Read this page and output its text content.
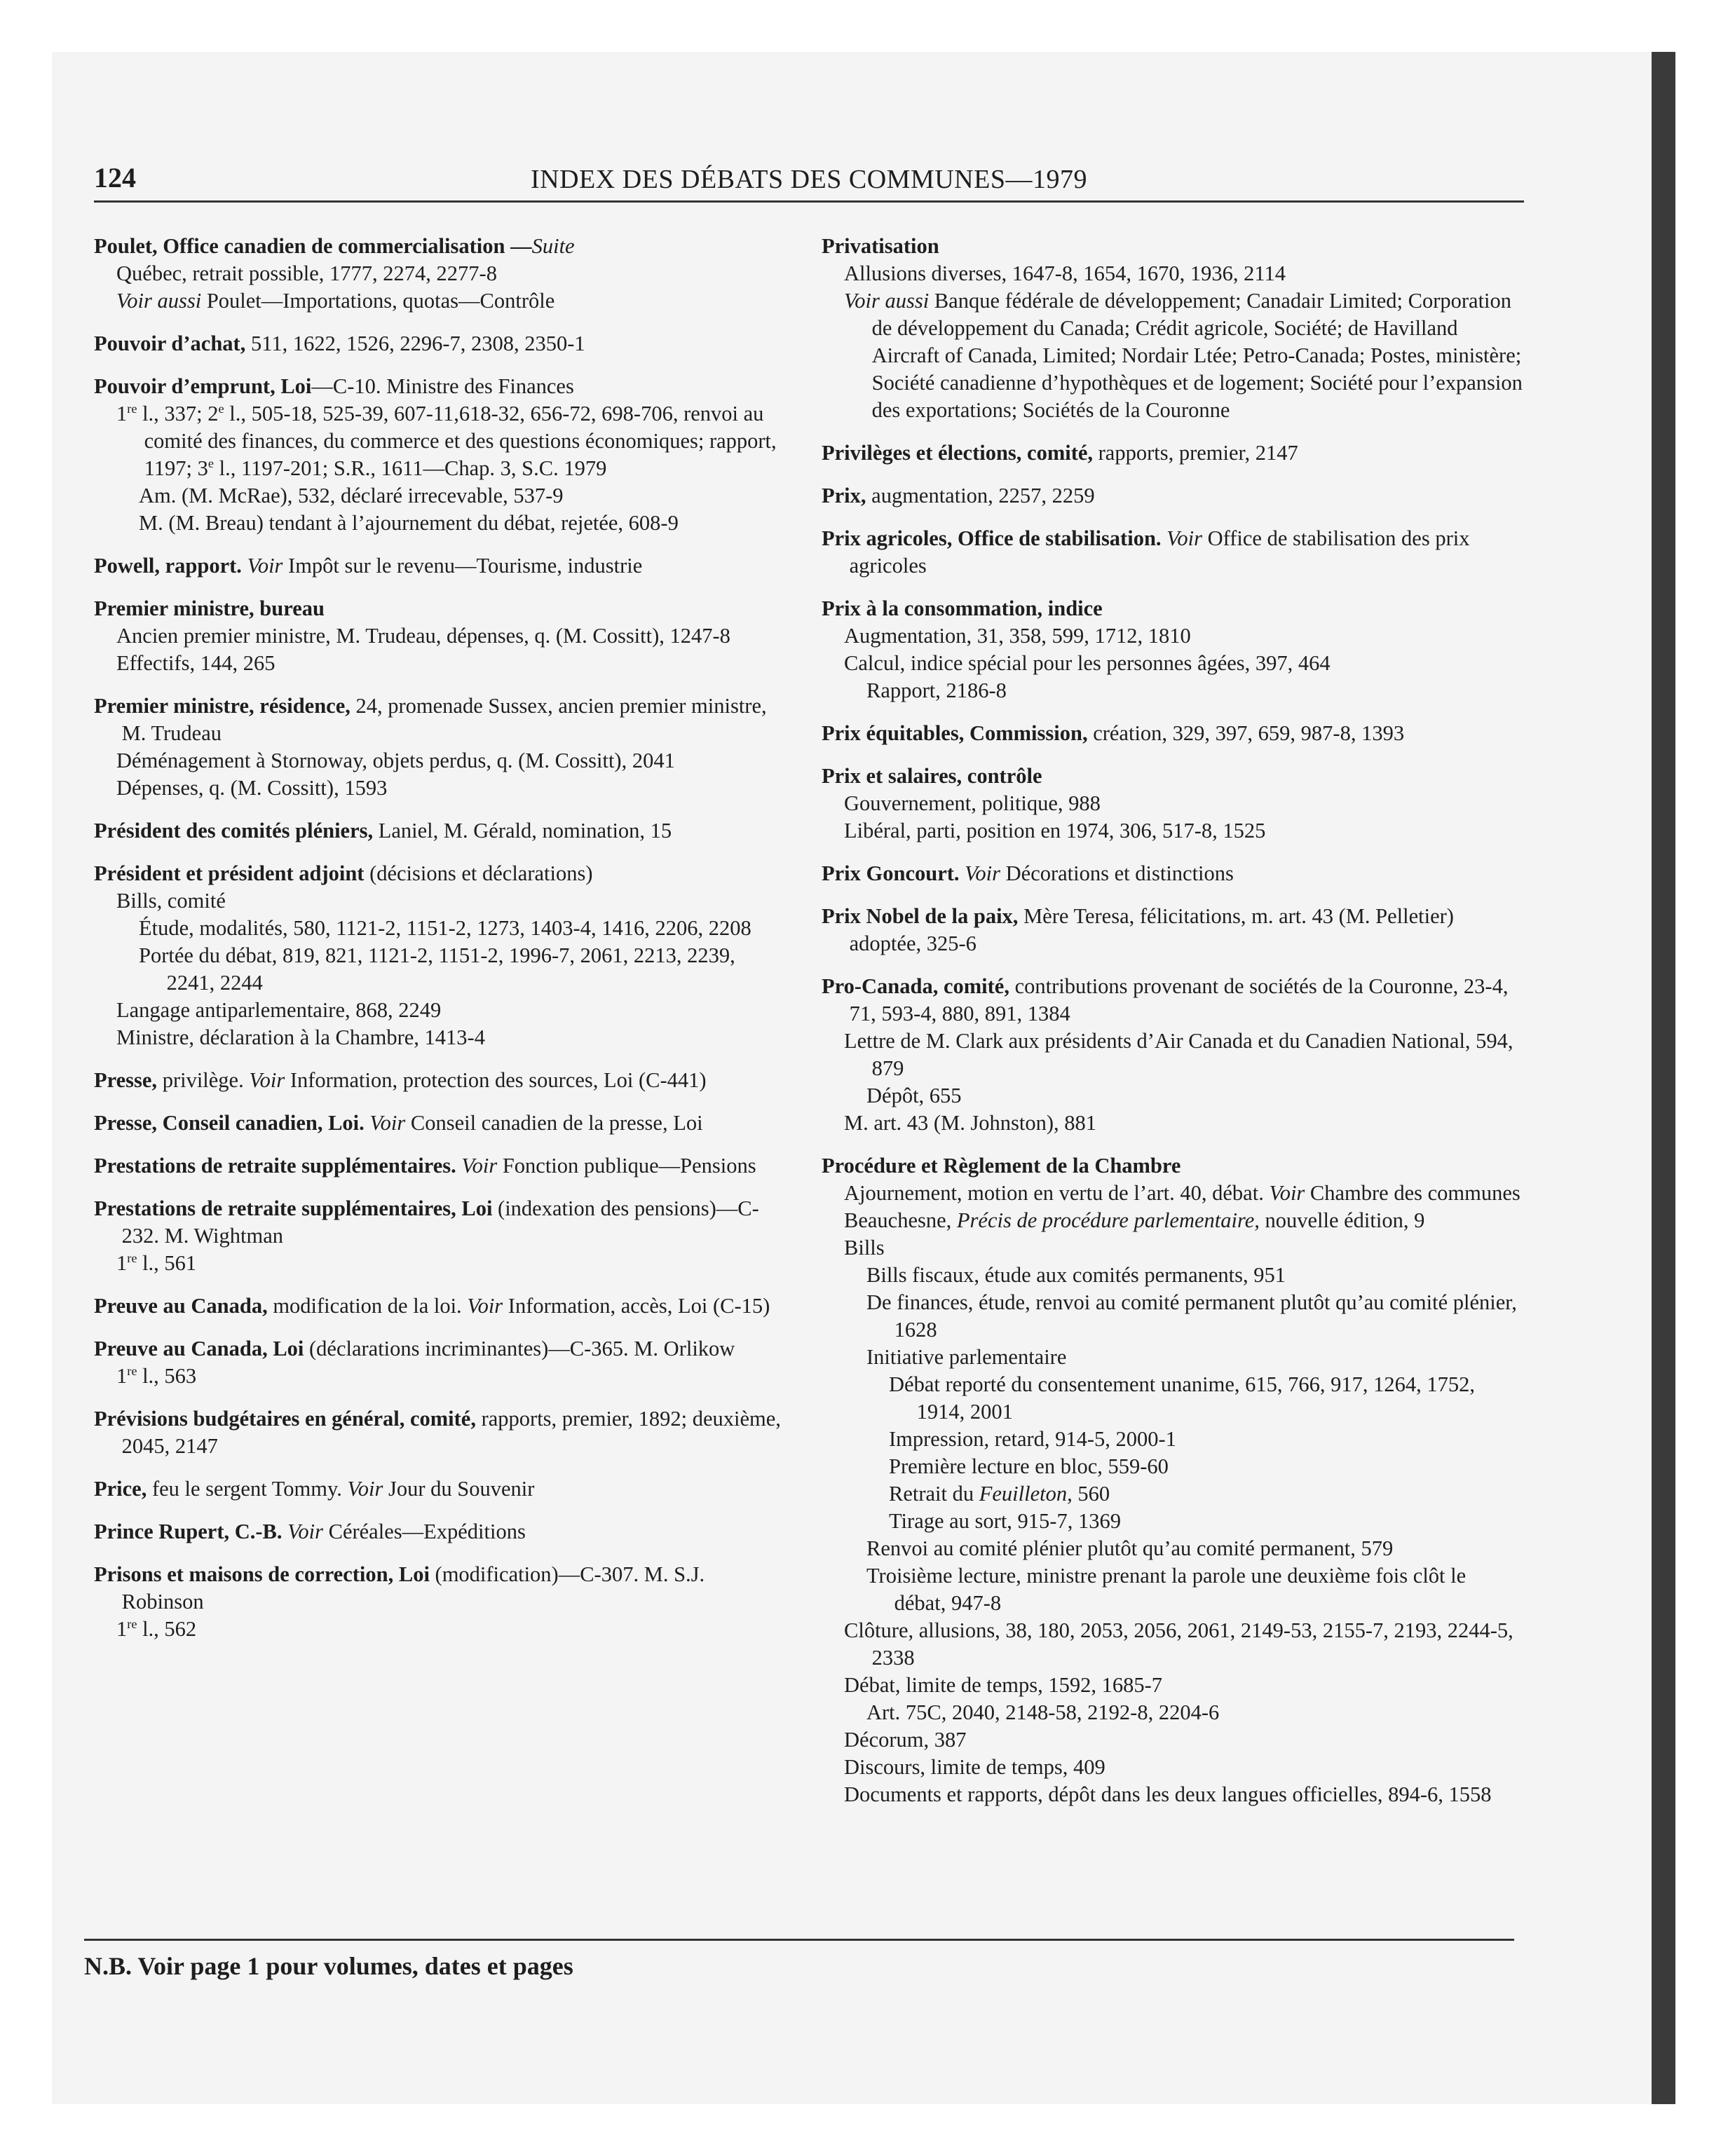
124	INDEX DES DÉBATS DES COMMUNES—1979
Poulet, Office canadien de commercialisation —Suite
Québec, retrait possible, 1777, 2274, 2277-8
Voir aussi Poulet—Importations, quotas—Contrôle
Pouvoir d’achat, 511, 1622, 1526, 2296-7, 2308, 2350-1
Pouvoir d’emprunt, Loi—C-10. Ministre des Finances
1re l., 337; 2e l., 505-18, 525-39, 607-11,618-32, 656-72, 698-706, renvoi au comité des finances, du commerce et des questions économiques; rapport, 1197; 3e l., 1197-201; S.R., 1611—Chap. 3, S.C. 1979
Am. (M. McRae), 532, déclaré irrecevable, 537-9
M. (M. Breau) tendant à l’ajournement du débat, rejetée, 608-9
Powell, rapport. Voir Impôt sur le revenu—Tourisme, industrie
Premier ministre, bureau
Ancien premier ministre, M. Trudeau, dépenses, q. (M. Cossitt), 1247-8
Effectifs, 144, 265
Premier ministre, résidence, 24, promenade Sussex, ancien premier ministre, M. Trudeau
Déménagement à Stornoway, objets perdus, q. (M. Cossitt), 2041
Dépenses, q. (M. Cossitt), 1593
Président des comités pléniers, Laniel, M. Gérald, nomination, 15
Président et président adjoint (décisions et déclarations)
Bills, comité
Étude, modalités, 580, 1121-2, 1151-2, 1273, 1403-4, 1416, 2206, 2208
Portée du débat, 819, 821, 1121-2, 1151-2, 1996-7, 2061, 2213, 2239, 2241, 2244
Langage antiparlementaire, 868, 2249
Ministre, déclaration à la Chambre, 1413-4
Presse, privilège. Voir Information, protection des sources, Loi (C-441)
Presse, Conseil canadien, Loi. Voir Conseil canadien de la presse, Loi
Prestations de retraite supplémentaires. Voir Fonction publique—Pensions
Prestations de retraite supplémentaires, Loi (indexation des pensions)—C-232. M. Wightman
1re l., 561
Preuve au Canada, modification de la loi. Voir Information, accès, Loi (C-15)
Preuve au Canada, Loi (déclarations incriminantes)—C-365. M. Orlikow
1re l., 563
Prévisions budgétaires en général, comité, rapports, premier, 1892; deuxième, 2045, 2147
Price, feu le sergent Tommy. Voir Jour du Souvenir
Prince Rupert, C.-B. Voir Céréales—Expéditions
Prisons et maisons de correction, Loi (modification)—C-307. M. S.J. Robinson
1re l., 562
Privatisation
Allusions diverses, 1647-8, 1654, 1670, 1936, 2114
Voir aussi Banque fédérale de développement; Canadair Limited; Corporation de développement du Canada; Crédit agricole, Société; de Havilland Aircraft of Canada, Limited; Nordair Ltée; Petro-Canada; Postes, ministère; Société canadienne d’hypothèques et de logement; Société pour l’expansion des exportations; Sociétés de la Couronne
Privilèges et élections, comité, rapports, premier, 2147
Prix, augmentation, 2257, 2259
Prix agricoles, Office de stabilisation. Voir Office de stabilisation des prix agricoles
Prix à la consommation, indice
Augmentation, 31, 358, 599, 1712, 1810
Calcul, indice spécial pour les personnes âgées, 397, 464
Rapport, 2186-8
Prix équitables, Commission, création, 329, 397, 659, 987-8, 1393
Prix et salaires, contrôle
Gouvernement, politique, 988
Libéral, parti, position en 1974, 306, 517-8, 1525
Prix Goncourt. Voir Décorations et distinctions
Prix Nobel de la paix, Mère Teresa, félicitations, m. art. 43 (M. Pelletier) adoptée, 325-6
Pro-Canada, comité, contributions provenant de sociétés de la Couronne, 23-4, 71, 593-4, 880, 891, 1384
Lettre de M. Clark aux présidents d’Air Canada et du Canadien National, 594, 879
Dépôt, 655
M. art. 43 (M. Johnston), 881
Procédure et Règlement de la Chambre
Ajournement, motion en vertu de l’art. 40, débat. Voir Chambre des communes
Beauchesne, Précis de procédure parlementaire, nouvelle édition, 9
Bills
Bills fiscaux, étude aux comités permanents, 951
De finances, étude, renvoi au comité permanent plutôt qu’au comité plénier, 1628
Initiative parlementaire
Débat reporté du consentement unanime, 615, 766, 917, 1264, 1752, 1914, 2001
Impression, retard, 914-5, 2000-1
Première lecture en bloc, 559-60
Retrait du Feuilleton, 560
Tirage au sort, 915-7, 1369
Renvoi au comité plénier plutôt qu’au comité permanent, 579
Troisième lecture, ministre prenant la parole une deuxième fois clôt le débat, 947-8
Clôture, allusions, 38, 180, 2053, 2056, 2061, 2149-53, 2155-7, 2193, 2244-5, 2338
Débat, limite de temps, 1592, 1685-7
Art. 75C, 2040, 2148-58, 2192-8, 2204-6
Décorum, 387
Discours, limite de temps, 409
Documents et rapports, dépôt dans les deux langues officielles, 894-6, 1558
N.B. Voir page 1 pour volumes, dates et pages
